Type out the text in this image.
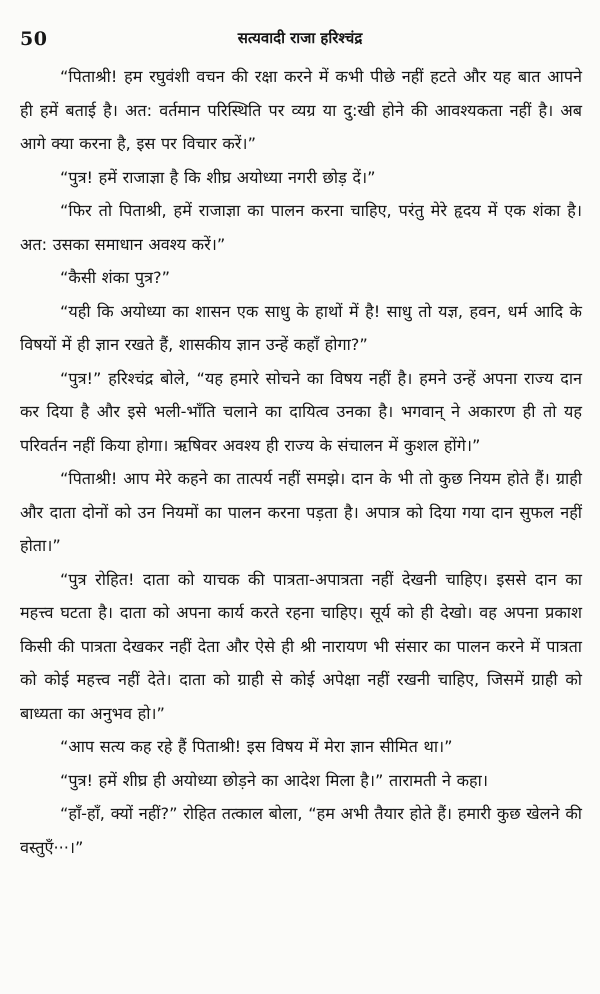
50	सत्यवादी राजा हरिश्चंद्र

“पिताश्री! हम रघुवंशी वचन की रक्षा करने में कभी पीछे नहीं हटते और यह बात आपने ही हमें बताई है। अत: वर्तमान परिस्थिति पर व्यग्र या दु:खी होने की आवश्यकता नहीं है। अब आगे क्या करना है, इस पर विचार करें।”

“पुत्र! हमें राजाज्ञा है कि शीघ्र अयोध्या नगरी छोड़ दें।”

“फिर तो पिताश्री, हमें राजाज्ञा का पालन करना चाहिए, परंतु मेरे हृदय में एक शंका है। अत: उसका समाधान अवश्य करें।”

“कैसी शंका पुत्र?”

“यही कि अयोध्या का शासन एक साधु के हाथों में है! साधु तो यज्ञ, हवन, धर्म आदि के विषयों में ही ज्ञान रखते हैं, शासकीय ज्ञान उन्हें कहाँ होगा?”

“पुत्र!” हरिश्चंद्र बोले, “यह हमारे सोचने का विषय नहीं है। हमने उन्हें अपना राज्य दान कर दिया है और इसे भली-भाँति चलाने का दायित्व उनका है। भगवान् ने अकारण ही तो यह परिवर्तन नहीं किया होगा। ऋषिवर अवश्य ही राज्य के संचालन में कुशल होंगे।”

“पिताश्री! आप मेरे कहने का तात्पर्य नहीं समझे। दान के भी तो कुछ नियम होते हैं। ग्राही और दाता दोनों को उन नियमों का पालन करना पड़ता है। अपात्र को दिया गया दान सुफल नहीं होता।”

“पुत्र रोहित! दाता को याचक की पात्रता-अपात्रता नहीं देखनी चाहिए। इससे दान का महत्त्व घटता है। दाता को अपना कार्य करते रहना चाहिए। सूर्य को ही देखो। वह अपना प्रकाश किसी की पात्रता देखकर नहीं देता और ऐसे ही श्री नारायण भी संसार का पालन करने में पात्रता को कोई महत्त्व नहीं देते। दाता को ग्राही से कोई अपेक्षा नहीं रखनी चाहिए, जिसमें ग्राही को बाध्यता का अनुभव हो।”

“आप सत्य कह रहे हैं पिताश्री! इस विषय में मेरा ज्ञान सीमित था।”

“पुत्र! हमें शीघ्र ही अयोध्या छोड़ने का आदेश मिला है।” तारामती ने कहा।

“हाँ-हाँ, क्यों नहीं?” रोहित तत्काल बोला, “हम अभी तैयार होते हैं। हमारी कुछ खेलने की वस्तुएँ···।”
